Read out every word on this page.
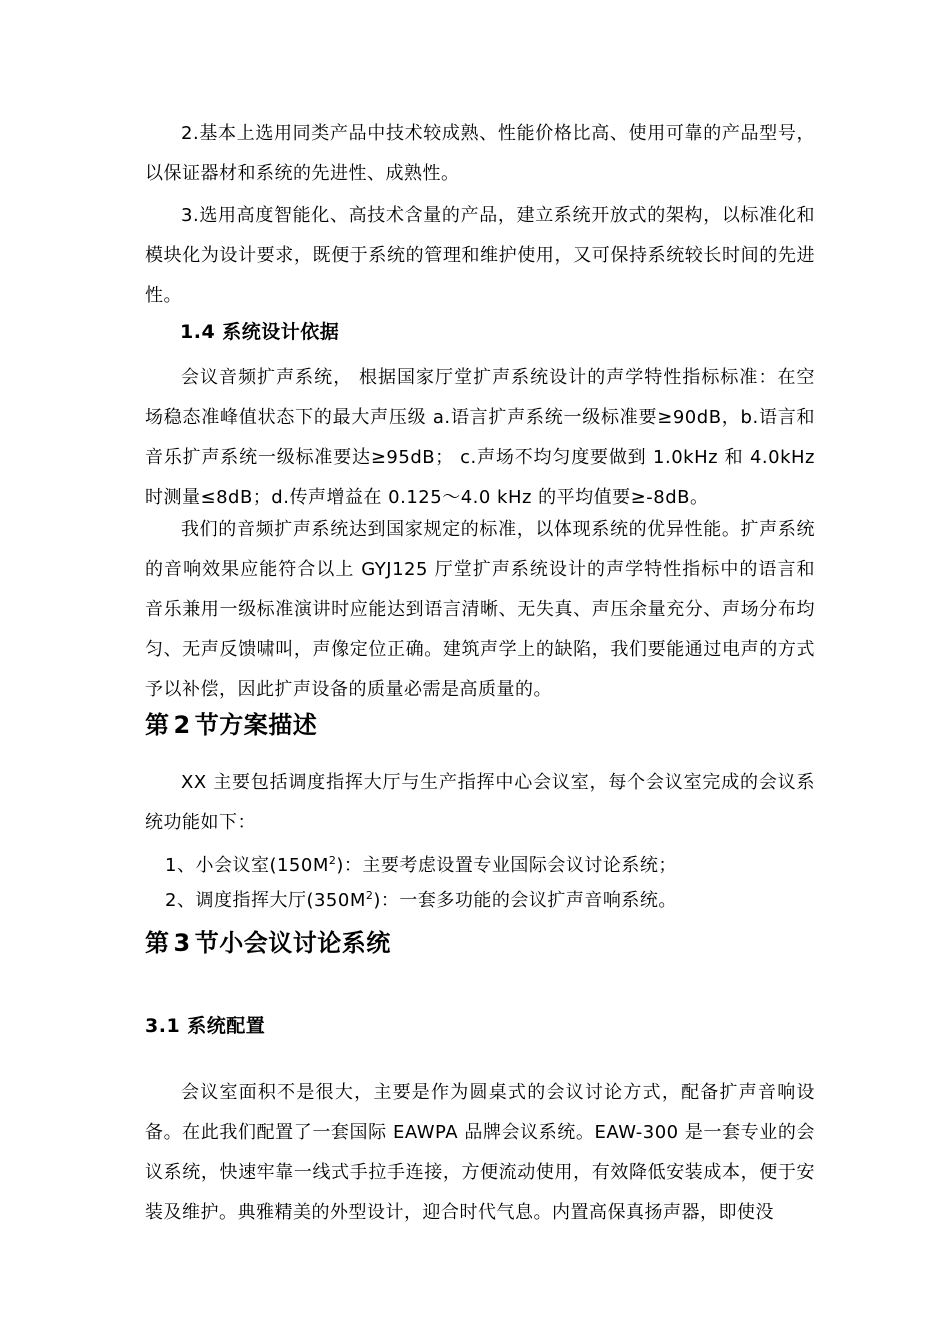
2.基本上选用同类产品中技术较成熟、性能价格比高、使用可靠的产品型号，以保证器材和系统的先进性、成熟性。

3.选用高度智能化、高技术含量的产品，建立系统开放式的架构，以标准化和模块化为设计要求，既便于系统的管理和维护使用，又可保持系统较长时间的先进性。

1.4 系统设计依据

会议音频扩声系统， 根据国家厅堂扩声系统设计的声学特性指标标准：在空场稳态准峰值状态下的最大声压级 a.语言扩声系统一级标准要≥90dB，b.语言和音乐扩声系统一级标准要达≥95dB； c.声场不均匀度要做到 1.0kHz 和 4.0kHz 时测量≤8dB；d.传声增益在 0.125～4.0 kHz 的平均值要≥-8dB。

我们的音频扩声系统达到国家规定的标准，以体现系统的优异性能。扩声系统的音响效果应能符合以上 GYJ125 厅堂扩声系统设计的声学特性指标中的语言和音乐兼用一级标准演讲时应能达到语言清晰、无失真、声压余量充分、声场分布均匀、无声反馈啸叫，声像定位正确。建筑声学上的缺陷，我们要能通过电声的方式予以补偿，因此扩声设备的质量必需是高质量的。

第 2 节方案描述

XX 主要包括调度指挥大厅与生产指挥中心会议室，每个会议室完成的会议系统功能如下：

1、小会议室$(150M^2)$：主要考虑设置专业国际会议讨论系统；

2、调度指挥大厅$(350M^2)$：一套多功能的会议扩声音响系统。

第 3 节小会议讨论系统
3.1 系统配置

会议室面积不是很大，主要是作为圆桌式的会议讨论方式，配备扩声音响设备。在此我们配置了一套国际 EAWPA 品牌会议系统。EAW-300 是一套专业的会议系统，快速牢靠一线式手拉手连接，方便流动使用，有效降低安装成本，便于安装及维护。典雅精美的外型设计，迎合时代气息。内置高保真扬声器，即使没
